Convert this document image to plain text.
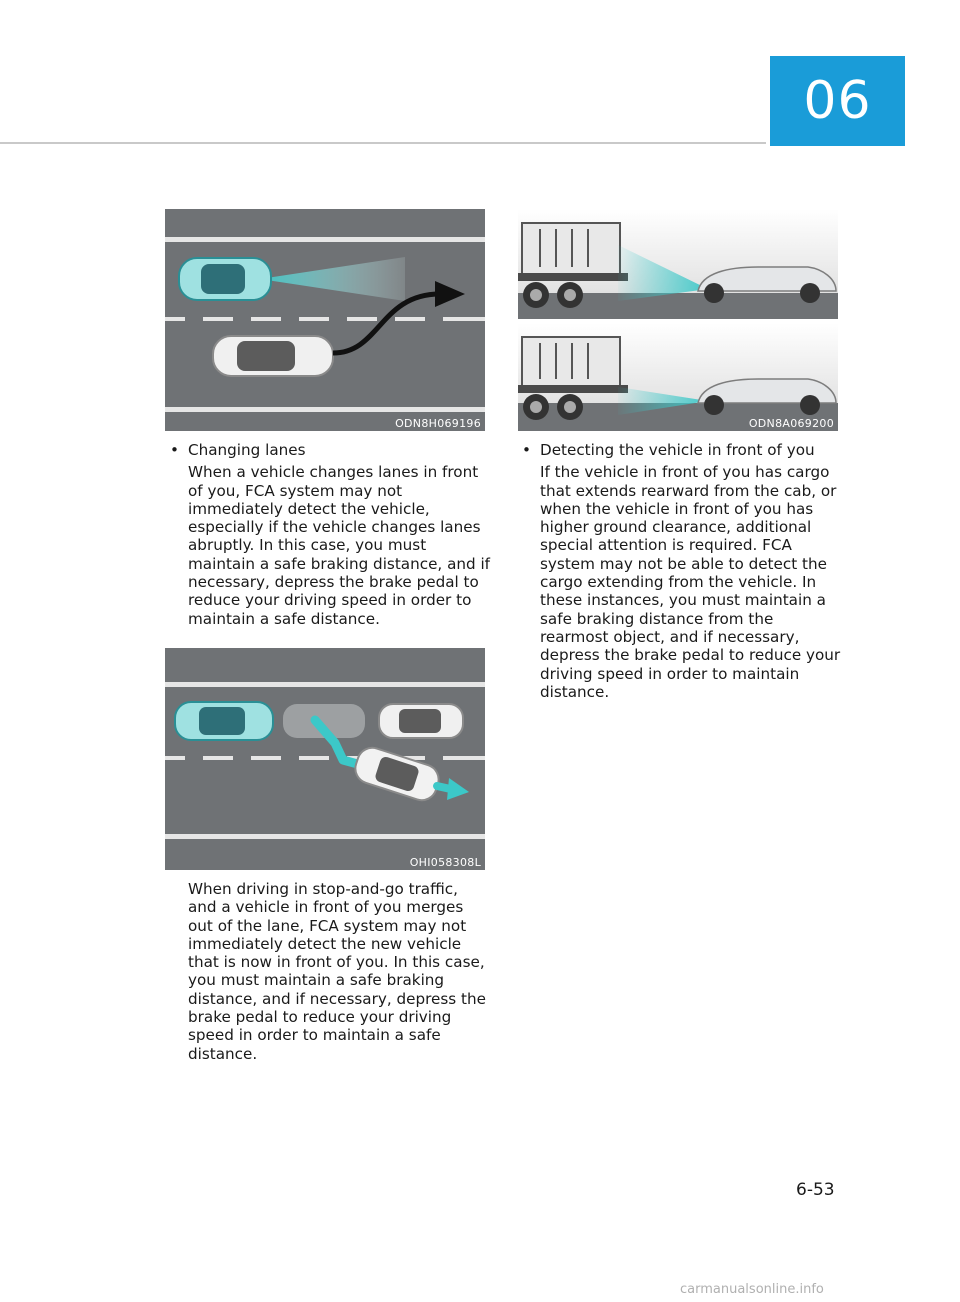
06
ODN8H069196
OHI058308L
ODN8A069200
• Changing lanes
When a vehicle changes lanes in front of you, FCA system may not immediately detect the vehicle, especially if the vehicle changes lanes abruptly. In this case, you must maintain a safe braking distance, and if necessary, depress the brake pedal to reduce your driving speed in order to maintain a safe distance.
When driving in stop-and-go traffic, and a vehicle in front of you merges out of the lane, FCA system may not immediately detect the new vehicle that is now in front of you. In this case, you must maintain a safe braking distance, and if necessary, depress the brake pedal to reduce your driving speed in order to maintain a safe distance.
• Detecting the vehicle in front of you
If the vehicle in front of you has cargo that extends rearward from the cab, or when the vehicle in front of you has higher ground clearance, additional special attention is required. FCA system may not be able to detect the cargo extending from the vehicle. In these instances, you must maintain a safe braking distance from the rearmost object, and if necessary, depress the brake pedal to reduce your driving speed in order to maintain distance.
6-53
carmanualsonline.info
